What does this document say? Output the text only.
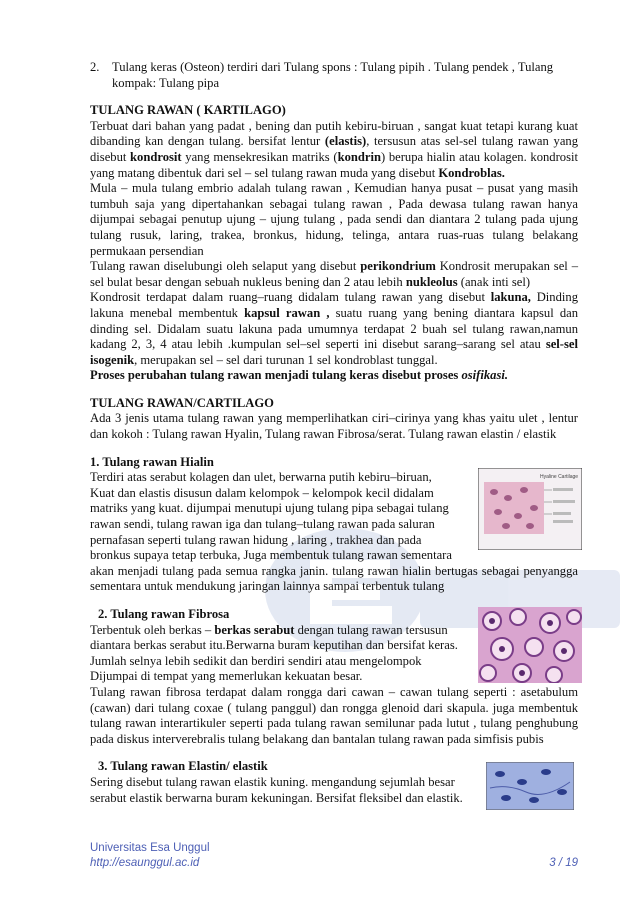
2. Tulang keras (Osteon) terdiri dari Tulang spons : Tulang pipih . Tulang pendek , Tulang kompak: Tulang pipa

TULANG RAWAN ( KARTILAGO)

Terbuat dari bahan yang padat , bening dan putih kebiru-biruan , sangat kuat tetapi kurang kuat dibanding kan dengan tulang. bersifat lentur (elastis), tersusun atas sel-sel tulang rawan yang disebut kondrosit yang mensekresikan matriks (kondrin) berupa hialin atau kolagen. kondrosit yang matang dibentuk dari sel – sel tulang rawan muda yang disebut Kondroblas.

Mula – mula tulang embrio adalah tulang rawan , Kemudian hanya pusat – pusat yang masih tumbuh saja yang dipertahankan sebagai tulang rawan , Pada dewasa tulang rawan hanya dijumpai sebagai penutup ujung – ujung tulang , pada sendi dan diantara 2 tulang pada ujung tulang rusuk, laring, trakea, bronkus, hidung, telinga, antara ruas-ruas tulang belakang permukaan persendian

Tulang rawan diselubungi oleh selaput yang disebut perikondrium Kondrosit merupakan sel –sel bulat besar dengan sebuah nukleus bening dan 2 atau lebih nukleolus (anak inti sel)

Kondrosit terdapat dalam ruang–ruang didalam tulang rawan yang disebut lakuna, Dinding lakuna menebal membentuk kapsul rawan , suatu ruang yang bening diantara kapsul dan dinding sel. Didalam suatu lakuna pada umumnya terdapat 2 buah sel tulang rawan,namun kadang 2, 3, 4 atau lebih .kumpulan sel–sel seperti ini disebut sarang–sarang sel atau sel-sel isogenik, merupakan sel – sel dari turunan 1 sel kondroblast tunggal.

Proses perubahan tulang rawan menjadi tulang keras disebut proses osifikasi.

TULANG RAWAN/CARTILAGO

Ada 3 jenis utama tulang rawan yang memperlihatkan ciri–cirinya yang khas yaitu ulet , lentur dan kokoh : Tulang rawan Hyalin, Tulang rawan Fibrosa/serat. Tulang rawan elastin / elastik

1. Tulang rawan Hialin

Terdiri atas serabut kolagen dan ulet, berwarna putih kebiru–biruan,
Kuat dan elastis disusun dalam kelompok – kelompok kecil didalam
matriks yang kuat. dijumpai menutupi ujung tulang pipa sebagai tulang
rawan sendi, tulang rawan iga dan tulang–tulang rawan pada saluran
pernafasan seperti tulang rawan hidung , laring , trakhea dan pada
bronkus supaya tetap terbuka, Juga membentuk tulang rawan sementara

akan menjadi tulang pada semua rangka janin. tulang rawan hialin bertugas sebagai penyangga sementara untuk mendukung jaringan lainnya sampai terbentuk tulang

2. Tulang rawan Fibrosa

Terbentuk oleh berkas – berkas serabut dengan tulang rawan tersusun
diantara berkas serabut itu.Berwarna buram keputihan dan bersifat keras.
Jumlah selnya lebih sedikit dan berdiri sendiri atau mengelompok
Dijumpai di tempat yang memerlukan kekuatan besar.

Tulang rawan fibrosa terdapat dalam rongga dari cawan – cawan tulang seperti : asetabulum (cawan) dari tulang coxae ( tulang panggul) dan rongga glenoid dari skapula. juga membentuk tulang rawan interartikuler seperti pada tulang rawan semilunar pada lutut , tulang penghubung pada diskus interverebralis tulang belakang dan bantalan tulang rawan pada simfisis pubis

3. Tulang rawan Elastin/ elastik

Sering disebut tulang rawan elastik kuning. mengandung sejumlah besar
serabut elastik berwarna buram kekuningan. Bersifat fleksibel dan elastik.
Hyaline Cartilage
Universitas Esa Unggul
http://esaunggul.ac.id	3 / 19
